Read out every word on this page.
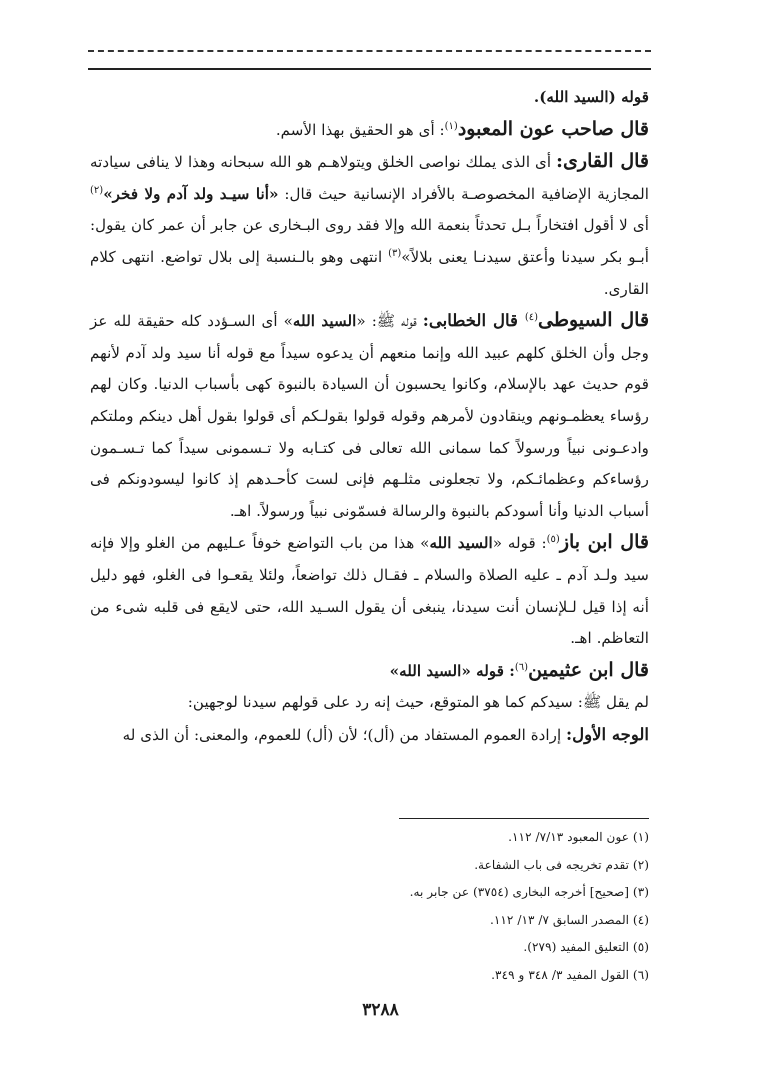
قوله (السيد الله).

قال صاحب عون المعبود$^{(١)}$: أى هو الحقيق بهذا الأسم.

قال القارى: أى الذى يملك نواصى الخلق ويتولاهـم هو الله سبحانه وهذا لا ينافى سيادته المجازية الإضافية المخصوصـة بالأفراد الإنسانية حيث قال: «أنا سيـد ولد آدم ولا فخر»$^{(٢)}$ أى لا أقول افتخاراً بـل تحدثاً بنعمة الله وإلا فقد روى البـخارى عن جابر أن عمر كان يقول: أبـو بكر سيدنا وأعتق سيدنـا يعنى بلالاً»$^{(٣)}$ انتهى وهو بالـنسبة إلى بلال تواضع. انتهى كلام القارى.

قال السيوطى$^{(٤)}$ قال الخطابى: قوله ﷺ: «السيد الله» أى السـؤدد كله حقيقة لله عز وجل وأن الخلق كلهم عبيد الله وإنما منعهم أن يدعوه سيداً مع قوله أنا سيد ولد آدم لأنهم قوم حديث عهد بالإسلام، وكانوا يحسبون أن السيادة بالنبوة كهى بأسباب الدنيا. وكان لهم رؤساء يعظمـونهم وينقادون لأمرهم وقوله قولوا بقولـكم أى قولوا بقول أهل دينكم وملتكم وادعـونى نبياً ورسولاً كما سمانى الله تعالى فى كتـابه ولا تـسمونى سيداً كما تـسـمون رؤساءكم وعظمائـكم، ولا تجعلونى مثلـهم فإنى لست كأحـدهم إذ كانوا ليسودونكم فى أسباب الدنيا وأنا أسودكم بالنبوة والرسالة فسمّونى نبياً ورسولاً. اهـ.

قال ابن باز$^{(٥)}$: قوله «السيد الله» هذا من باب التواضع خوفاً عـليهم من الغلو وإلا فإنه سيد ولـد آدم ـ عليه الصلاة والسلام ـ فقـال ذلك تواضعاً، ولئلا يقعـوا فى الغلو، فهو دليل أنه إذا قيل لـلإنسان أنت سيدنا، ينبغى أن يقول السـيد الله، حتى لايقع فى قلبه شىء من التعاظم. اهـ.

قال ابن عثيمين$^{(٦)}$: قوله «السيد الله»

لم يقل ﷺ: سيدكم كما هو المتوقع، حيث إنه رد على قولهم سيدنا لوجهين:

الوجه الأول: إرادة العموم المستفاد من (أل)؛ لأن (أل) للعموم، والمعنى: أن الذى له

(١) عون المعبود ٧/١٣/ ١١٢.
(٢) تقدم تخريجه فى باب الشفاعة.
(٣) [صحيح] أخرجه البخارى (٣٧٥٤) عن جابر به.
(٤) المصدر السابق ٧/ ١٣/ ١١٢.
(٥) التعليق المفيد (٢٧٩).
(٦) القول المفيد ٣/ ٣٤٨ و ٣٤٩.
٣٢٨٨
